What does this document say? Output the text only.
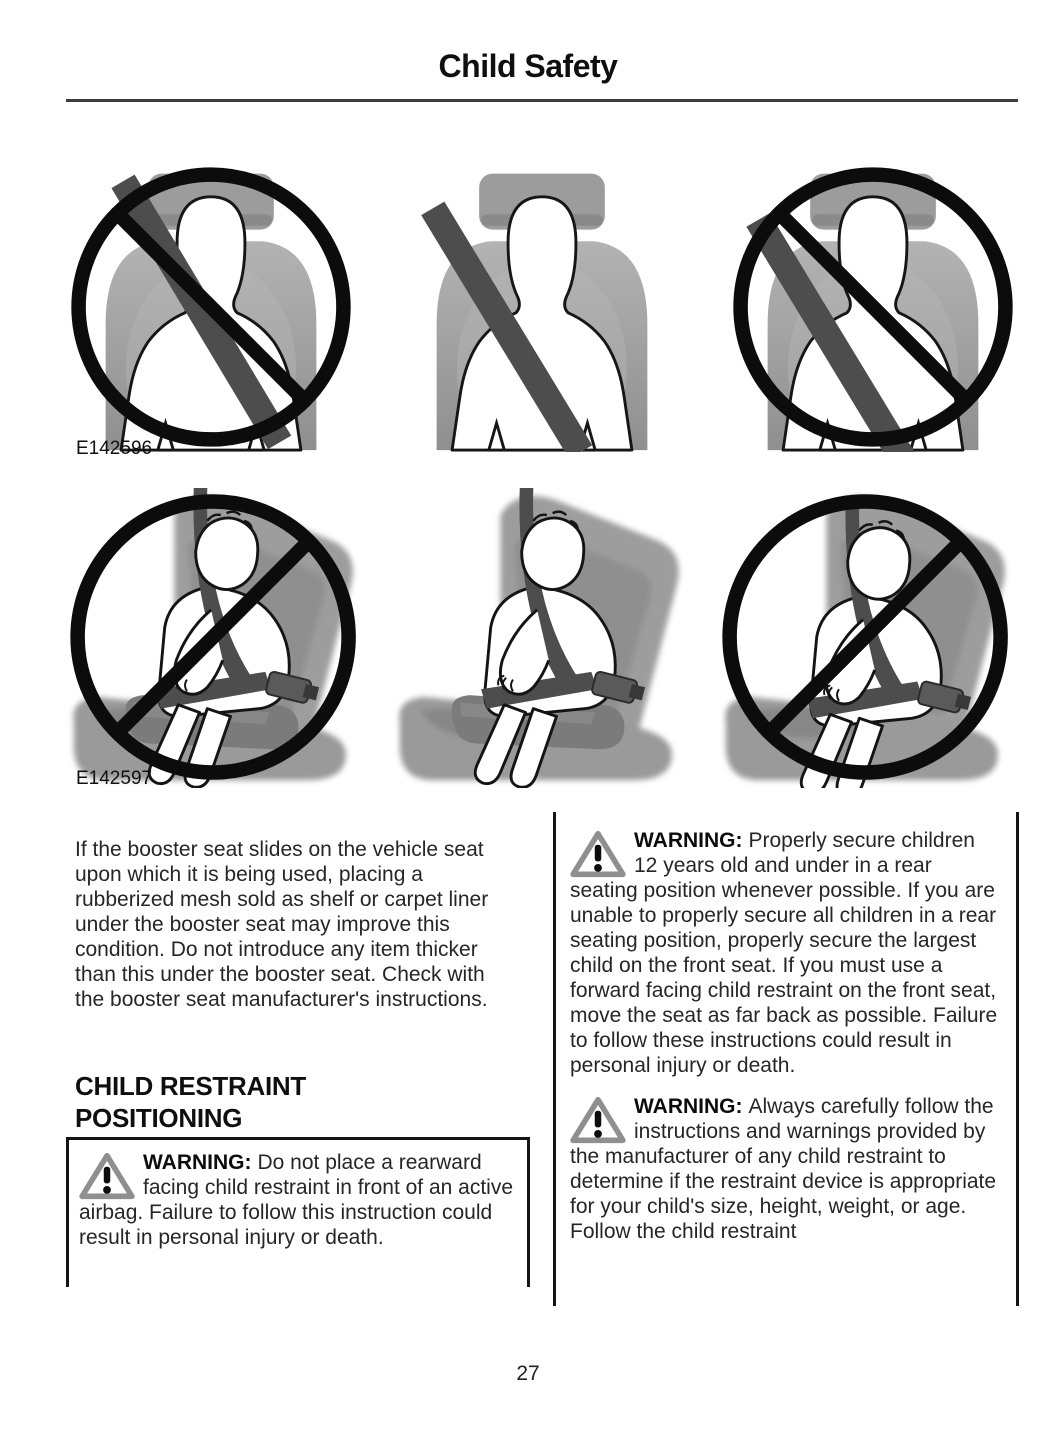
Child Safety
E142596
E142597

If the booster seat slides on the vehicle seat upon which it is being used, placing a rubberized mesh sold as shelf or carpet liner under the booster seat may improve this condition. Do not introduce any item thicker than this under the booster seat. Check with the booster seat manufacturer's instructions.

CHILD RESTRAINT POSITIONING

WARNING: Do not place a rearward facing child restraint in front of an active airbag. Failure to follow this instruction could result in personal injury or death.

WARNING: Properly secure children 12 years old and under in a rear seating position whenever possible. If you are unable to properly secure all children in a rear seating position, properly secure the largest child on the front seat. If you must use a forward facing child restraint on the front seat, move the seat as far back as possible. Failure to follow these instructions could result in personal injury or death.

WARNING: Always carefully follow the instructions and warnings provided by the manufacturer of any child restraint to determine if the restraint device is appropriate for your child's size, height, weight, or age. Follow the child restraint

27
